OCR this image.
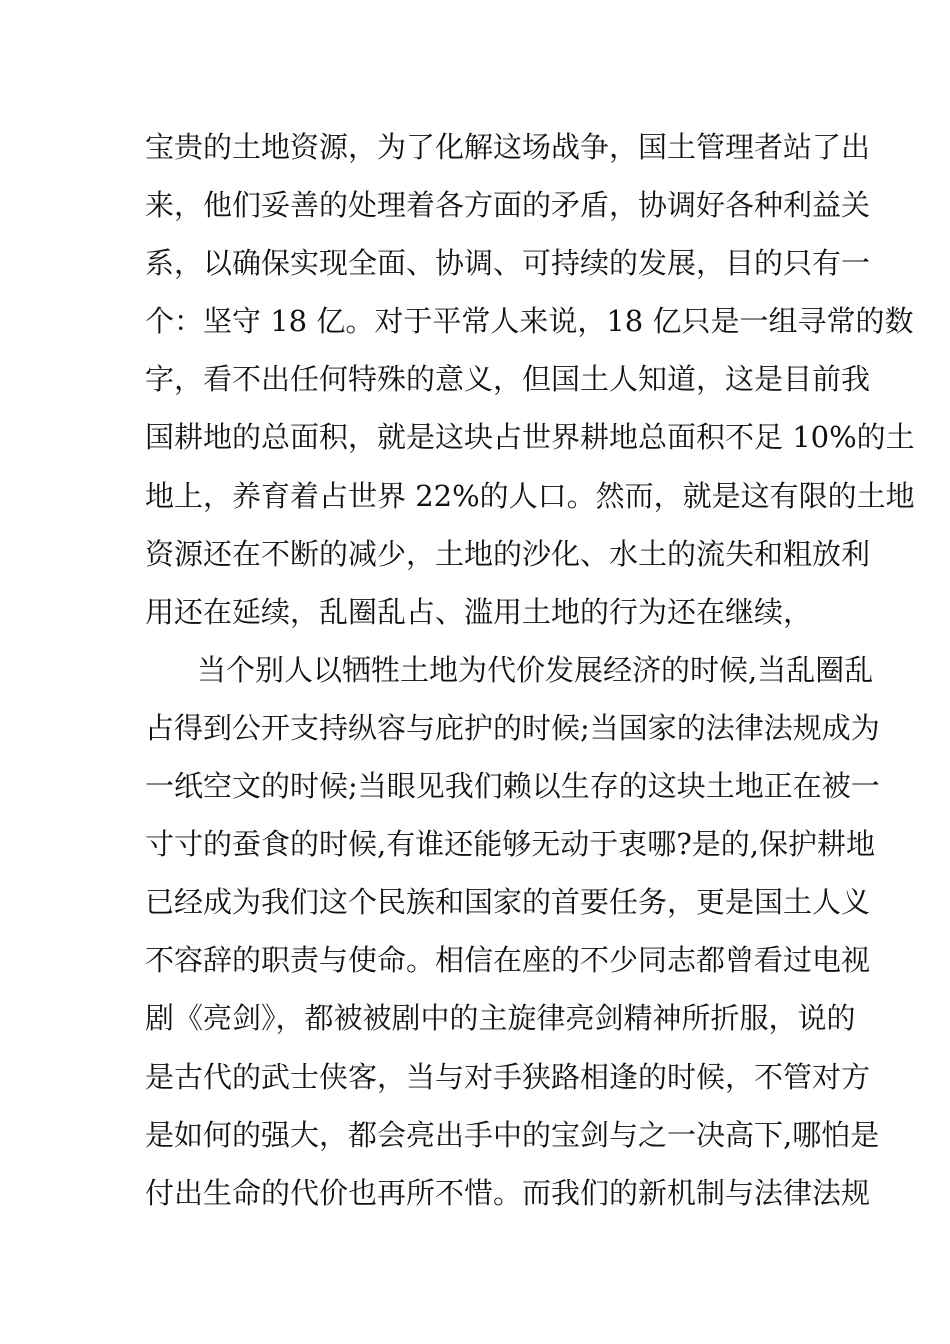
宝贵的土地资源，为了化解这场战争，国土管理者站了出
来，他们妥善的处理着各方面的矛盾，协调好各种利益关
系，以确保实现全面、协调、可持续的发展，目的只有一
个：坚守 18 亿。对于平常人来说，18 亿只是一组寻常的数
字，看不出任何特殊的意义，但国土人知道，这是目前我
国耕地的总面积，就是这块占世界耕地总面积不足 10%的土
地上，养育着占世界 22%的人口。然而，就是这有限的土地
资源还在不断的减少，土地的沙化、水土的流失和粗放利
用还在延续，乱圈乱占、滥用土地的行为还在继续，
当个别人以牺牲土地为代价发展经济的时候,当乱圈乱
占得到公开支持纵容与庇护的时候;当国家的法律法规成为
一纸空文的时候;当眼见我们赖以生存的这块土地正在被一
寸寸的蚕食的时候,有谁还能够无动于衷哪?是的,保护耕地
已经成为我们这个民族和国家的首要任务，更是国土人义
不容辞的职责与使命。相信在座的不少同志都曾看过电视
剧《亮剑》，都被被剧中的主旋律亮剑精神所折服，说的
是古代的武士侠客，当与对手狭路相逢的时候，不管对方
是如何的强大，都会亮出手中的宝剑与之一决高下,哪怕是
付出生命的代价也再所不惜。而我们的新机制与法律法规
